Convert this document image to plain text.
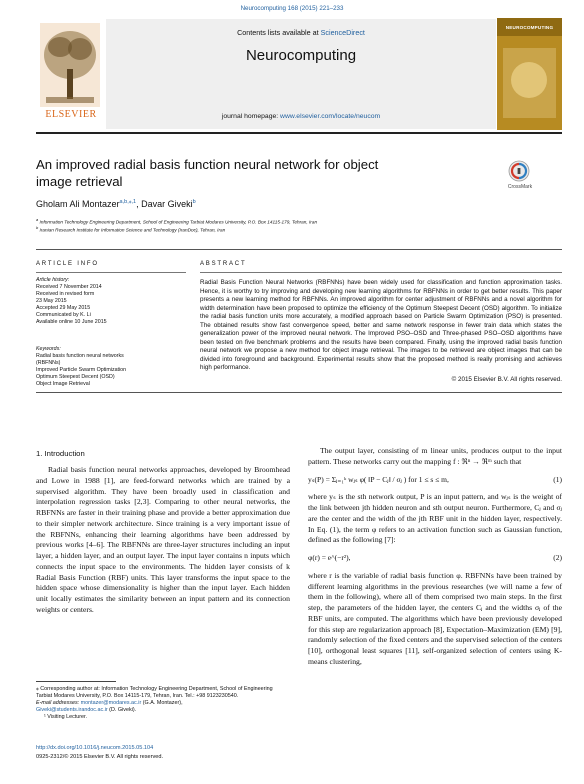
Neurocomputing 168 (2015) 221–233
ELSEVIER
Contents lists available at ScienceDirect
Neurocomputing
journal homepage: www.elsevier.com/locate/neucom
NEUROCOMPUTING
An improved radial basis function neural network for object
image retrieval	CrossMark
Gholam Ali Montazer$^{a,b,⁎,1}$, Davar Giveki$^b$
$^a$ Information Technology Engineering Department, School of Engineering Tarbiat Modares University, P.O. Box 14115-179, Tehran, Iran
$^b$ Iranian Research Institute for Information Science and Technology (IranDoc), Tehran, Iran
ARTICLE INFO	ABSTRACT
Article history:
Received 7 November 2014
Received in revised form
23 May 2015
Accepted 29 May 2015
Communicated by K. Li
Available online 10 June 2015
Keywords:
Radial basis function neural networks
(RBFNNs)
Improved Particle Swarm Optimization
Optimum Steepest Decent (OSD)
Object Image Retrieval
Radial Basis Function Neural Networks (RBFNNs) have been widely used for classification and function approximation tasks. Hence, it is worthy to try improving and developing new learning algorithms for RBFNNs in order to get better results. This paper presents a new learning method for RBFNNs. An improved algorithm for center adjustment of RBFNNs and a novel algorithm for width determination have been proposed to optimize the efficiency of the Optimum Steepest Decent (OSD) algorithm. To initialize the radial basis function units more accurately, a modified approach based on Particle Swarm Optimization (PSO) is presented. The obtained results show fast convergence speed, better and same network response in fewer train data which states the generalization power of the improved neural network. The Improved PSO–OSD and Three-phased PSO–OSD algorithms have been tested on five benchmark problems and the results have been compared. Finally, using the improved radial basis function neural network we propose a new method for object image retrieval. The images to be retrieved are object images that can be divided into foreground and background. Experimental results show that the proposed method is really promising and achieves high performance.
© 2015 Elsevier B.V. All rights reserved.
1. Introduction
Radial basis function neural networks approaches, developed by Broomhead and Lowe in 1988 [1], are feed-forward networks which are trained by a supervised algorithm. They have been broadly used in classification and interpolation regression tasks [2,3]. Comparing to other neural networks, the RBFNNs are faster in their training phase and provide a better approximation due to their simpler network architecture. Since training is a very important issue of the RBFNNs, enhancing their learning algorithms have been addressed by previous works [4–6]. The RBFNNs are three-layer structures including an input layer, a hidden layer, and an output layer. The input layer contains n inputs which connects the input space to the environments. The hidden layer consists of k Radial Basis Function (RBF) units. This layer transforms the input space to the hidden space whose dimensionality is higher than the input layer. Each hidden unit locally estimates the similarity between an input pattern and its connection weights or centers.
The output layer, consisting of m linear units, produces output to the input pattern. These networks carry out the mapping f : ℜⁿ → ℜᵐ such that
yₛ(P) = Σⱼ₌₁ᵏ wⱼₛ φ( ‖P − Cⱼ‖ / σⱼ ) for 1 ≤ s ≤ m,	(1)
where yₛ is the sth network output, P is an input pattern, and wⱼₛ is the weight of the link between jth hidden neuron and sth output neuron. Furthermore, Cⱼ and σⱼ are the center and the width of the jth RBF unit in the hidden layer, respectively. In Eq. (1), the term φ refers to an activation function such as Gaussian function, defined as the following [7]:
φ(r) = e^(−r²),	(2)
where r is the variable of radial basis function φ. RBFNNs have been trained by different learning algorithms in the previous researches (we will name a few of them in the following), where all of them comprised two main steps. In the first step, the parameters of the hidden layer, the centers Cⱼ and the widths σⱼ of the RBF units, are computed. The algorithms which have been previously developed for this step are regularization approach [8], Expectation–Maximization (EM) [9], randomly selection of the fixed centers and the supervised selection of the centers [10], orthogonal least squares [11], self-organized selection of centers using K-means clustering,
⁎ Corresponding author at: Information Technology Engineering Department, School of Engineering Tarbiat Modares University, P.O. Box 14115-179, Tehran, Iran. Tel.: +98 9123230540.
E-mail addresses: montazer@modares.ac.ir (G.A. Montazer),
Giveki@students.irandoc.ac.ir (D. Giveki).
¹ Visiting Lecturer.
http://dx.doi.org/10.1016/j.neucom.2015.05.104
0925-2312/© 2015 Elsevier B.V. All rights reserved.
